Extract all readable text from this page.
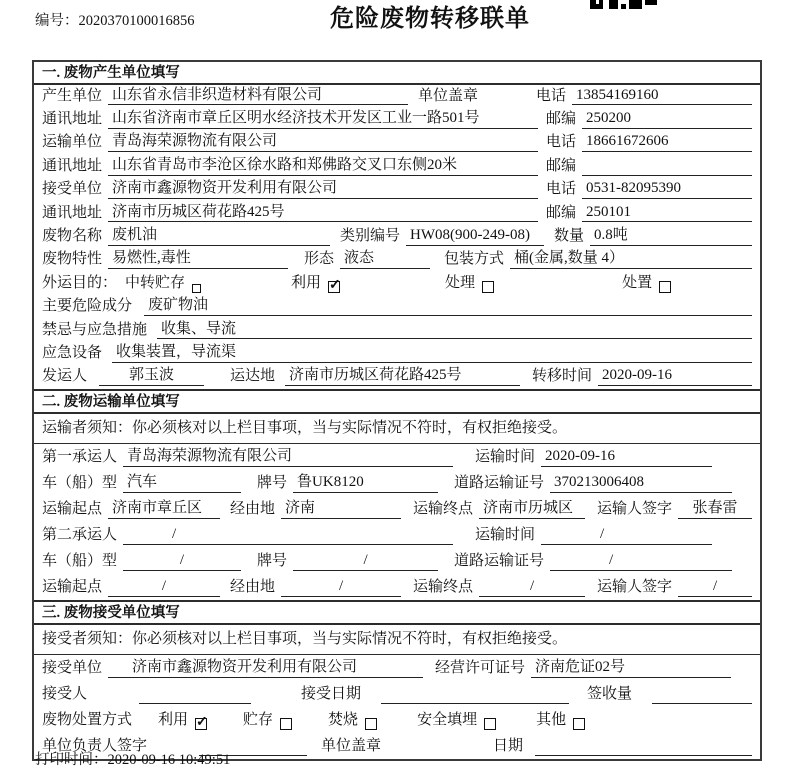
编号：2020370100016856	危险废物转移联单
一. 废物产生单位填写
产生单位 山东省永信非织造材料有限公司	单位盖章	电话 13854169160
通讯地址 山东省济南市章丘区明水经济技术开发区工业一路501号	邮编 250200
运输单位 青岛海荣源物流有限公司	电话 18661672606
通讯地址 山东省青岛市李沧区徐水路和郑佛路交叉口东侧20米	邮编
接受单位 济南市鑫源物资开发利用有限公司	电话 0531-82095390
通讯地址 济南市历城区荷花路425号	邮编 250101
废物名称 废机油	类别编号 HW08(900-249-08)	数量 0.8吨
废物特性 易燃性,毒性	形态 液态	包装方式 桶(金属,数量 4）
外运目的： 中转贮存	利用 ✓	处理	处置
主要危险成分 废矿物油
禁忌与应急措施 收集、导流
应急设备 收集装置，导流渠
发运人	郭玉波	运达地 济南市历城区荷花路425号	转移时间 2020-09-16
二. 废物运输单位填写
运输者须知：你必须核对以上栏目事项，当与实际情况不符时，有权拒绝接受。
第一承运人 青岛海荣源物流有限公司	运输时间 2020-09-16
车（船）型 汽车	牌号 鲁UK8120	道路运输证号 370213006408
运输起点 济南市章丘区	经由地 济南	运输终点 济南市历城区	运输人签字	张春雷
第二承运人	/	运输时间	/
车（船）型	/	牌号	/	道路运输证号	/
运输起点	/	经由地	/	运输终点	/	运输人签字	/
三. 废物接受单位填写
接受者须知：你必须核对以上栏目事项，当与实际情况不符时，有权拒绝接受。
接受单位	济南市鑫源物资开发利用有限公司	经营许可证号 济南危证02号
接受人	接受日期	签收量
废物处置方式 利用 ✓	贮存	焚烧	安全填埋	其他
单位负责人签字	单位盖章	日期
打印时间：2020-09-16 10:49:51
